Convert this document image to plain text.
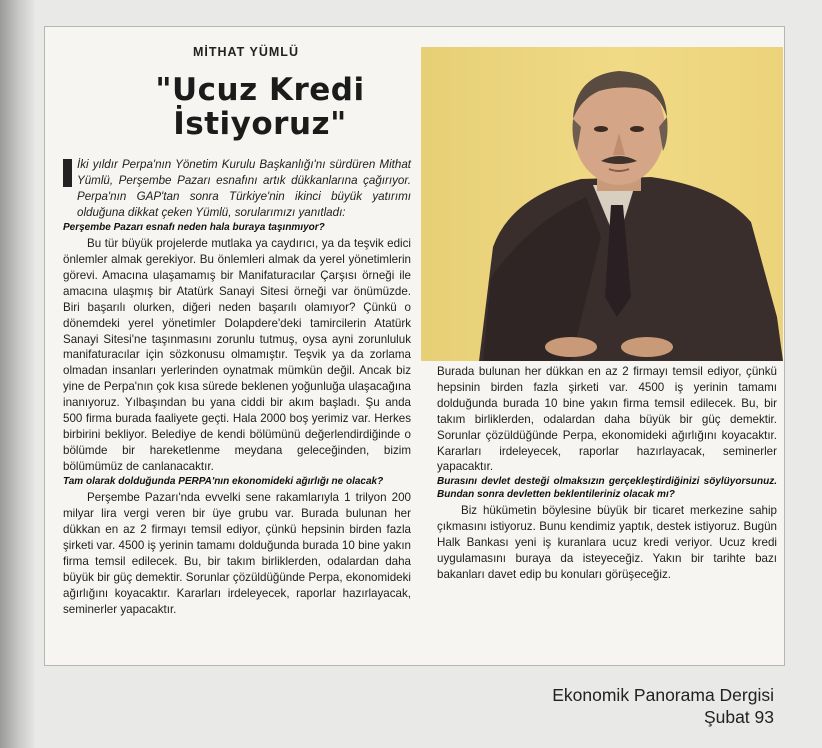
MİTHAT YÜMLÜ
"Ucuz Kredi İstiyoruz"

İki yıldır Perpa'nın Yönetim Kurulu Başkanlığı'nı sürdüren Mithat Yümlü, Perşembe Pazarı esnafını artık dükkanlarına çağırıyor. Perpa'nın GAP'tan sonra Türkiye'nin ikinci büyük yatırımı olduğuna dikkat çeken Yümlü, sorularımızı yanıtladı:

Perşembe Pazarı esnafı neden hala buraya taşınmıyor?

Bu tür büyük projelerde mutlaka ya caydırıcı, ya da teşvik edici önlemler almak gerekiyor. Bu önlemleri almak da yerel yönetimlerin görevi. Amacına ulaşamamış bir Manifaturacılar Çarşısı örneği ile amacına ulaşmış bir Atatürk Sanayi Sitesi örneği var önümüzde. Biri başarılı olurken, diğeri neden başarılı olamıyor? Çünkü o dönemdeki yerel yönetimler Dolapdere'deki tamircilerin Atatürk Sanayi Sitesi'ne taşınmasını zorunlu tutmuş, oysa ayni zorunluluk manifaturacılar için sözkonusu olmamıştır. Teşvik ya da zorlama olmadan insanları yerlerinden oynatmak mümkün değil. Ancak biz yine de Perpa'nın çok kısa sürede beklenen yoğunluğa ulaşacağına inanıyoruz. Yılbaşından bu yana ciddi bir akım başladı. Şu anda 500 firma burada faaliyete geçti. Hala 2000 boş yerimiz var. Herkes birbirini bekliyor. Belediye de kendi bölümünü değerlendirdiğinde o bölümde bir hareketlenme meydana geleceğinden, bizim bölümümüz de canlanacaktır.

Tam olarak dolduğunda PERPA'nın ekonomideki ağırlığı ne olacak?

Perşembe Pazarı'nda evvelki sene rakamlarıyla 1 trilyon 200 milyar lira vergi veren bir üye grubu var. Burada bulunan her dükkan en az 2 firmayı temsil ediyor, çünkü hepsinin birden fazla şirketi var. 4500 iş yerinin tamamı dolduğunda burada 10 bine yakın firma temsil edilecek. Bu, bir takım birliklerden, odalardan daha büyük bir güç demektir. Sorunlar çözüldüğünde Perpa, ekonomideki ağırlığını koyacaktır. Kararları irdeleyecek, raporlar hazırlayacak, seminerler yapacaktır.

Burada bulunan her dükkan en az 2 firmayı temsil ediyor, çünkü hepsinin birden fazla şirketi var. 4500 iş yerinin tamamı dolduğunda burada 10 bine yakın firma temsil edilecek. Bu, bir takım birliklerden, odalardan daha büyük bir güç demektir. Sorunlar çözüldüğünde Perpa, ekonomideki ağırlığını koyacaktır. Kararları irdeleyecek, raporlar hazırlayacak, seminerler yapacaktır.

Burasını devlet desteği olmaksızın gerçekleştirdiğinizi söylüyorsunuz. Bundan sonra devletten beklentileriniz olacak mı?

Biz hükümetin böylesine büyük bir ticaret merkezine sahip çıkmasını istiyoruz. Bunu kendimiz yaptık, destek istiyoruz. Bugün Halk Bankası yeni iş kuranlara ucuz kredi veriyor. Ucuz kredi uygulamasını buraya da isteyeceğiz. Yakın bir tarihte bazı bakanları davet edip bu konuları görüşeceğiz.

Ekonomik Panorama Dergisi
Şubat 93
